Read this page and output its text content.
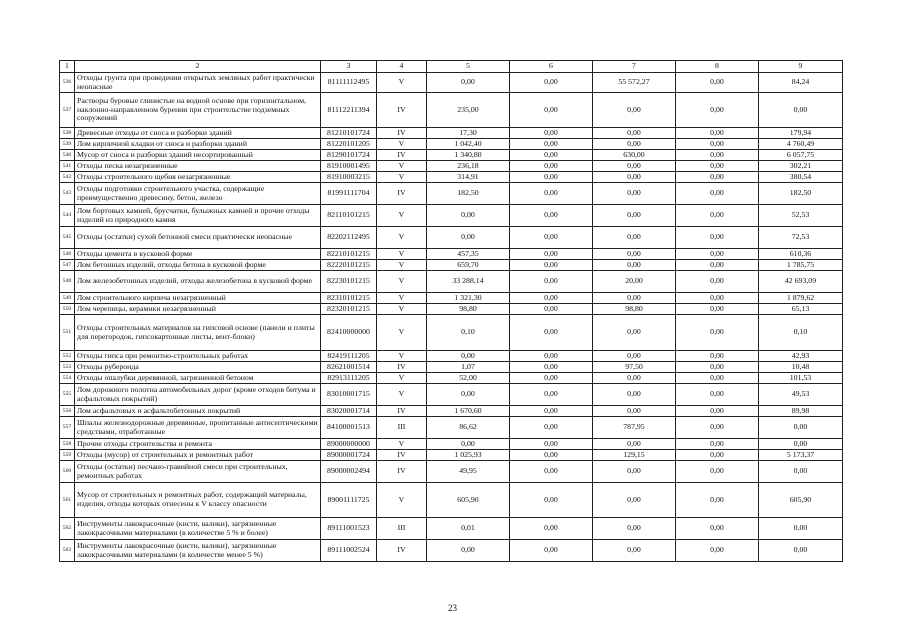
1	2	3	4	5	6	7	8	9
536	Отходы грунта при проведении открытых земляных работ практически неопасные	81111112495	V	0,00	0,00	55 572,27	0,00	84,24
537	Растворы буровые глинистые на водной основе при горизонтальном, наклонно-направленном бурении при строительстве подземных сооружений	81112211394	IV	235,00	0,00	0,00	0,00	0,00
538	Древесные отходы от сноса и разборки зданий	81210101724	IV	17,30	0,00	0,00	0,00	179,94
539	Лом кирпичной кладки от сноса и разборки зданий	81220101205	V	1 042,40	0,00	0,00	0,00	4 760,49
540	Мусор от сноса и разборки зданий несортированный	81290101724	IV	1 340,80	0,00	630,00	0,00	6 057,75
541	Отходы песка незагрязненные	81910001495	V	236,18	0,00	0,00	0,00	302,21
542	Отходы строительного щебня незагрязненные	81910003215	V	314,91	0,00	0,00	0,00	380,54
543	Отходы подготовки строительного участка, содержащие преимущественно древесину, бетон, железо	81991111704	IV	182,50	0,00	0,00	0,00	182,50
544	Лом бортовых камней, брусчатки, булыжных камней и прочие отходы изделий из природного камня	82110101215	V	0,00	0,00	0,00	0,00	52,53
545	Отходы (остатки) сухой бетонной смеси практически неопасные	82202112495	V	0,00	0,00	0,00	0,00	72,53
546	Отходы цемента в кусковой форме	82210101215	V	457,35	0,00	0,00	0,00	610,36
547	Лом бетонных изделий, отходы бетона в кусковой форме	82220101215	V	659,70	0,00	0,00	0,00	1 785,75
548	Лом железобетонных изделий, отходы железобетона в кусковой форме	82230101215	V	33 288,14	0,00	20,00	0,00	42 693,09
549	Лом строительного кирпича незагрязненный	82310101215	V	1 321,30	0,00	0,00	0,00	1 879,62
550	Лом черепицы, керамики незагрязненный	82320101215	V	98,80	0,00	98,80	0,00	65,13
551	Отходы строительных материалов на гипсовой основе (панели и плиты для перегородок, гипсокартонные листы, вент-блоки)	82410000000	V	0,10	0,00	0,00	0,00	0,10
552	Отходы гипса при ремонтно-строительных работах	82419111205	V	0,00	0,00	0,00	0,00	42,93
553	Отходы рубероида	82621001514	IV	1,07	0,00	97,50	0,00	10,48
554	Отходы опалубки деревянной, загрязненной бетоном	82913111205	V	52,00	0,00	0,00	0,00	101,53
555	Лом дорожного полотна автомобильных дорог (кроме отходов битума и асфальтовых покрытий)	83010001715	V	0,00	0,00	0,00	0,00	49,53
556	Лом асфальтовых и асфальтобетонных покрытий	83020001714	IV	1 670,60	0,00	0,00	0,00	89,98
557	Шпалы железнодорожные деревянные, пропитанные антисептическими средствами, отработанные	84100001513	III	86,62	0,00	787,95	0,00	0,00
558	Прочие отходы строительства и ремонта	89000000000	V	0,00	0,00	0,00	0,00	0,00
559	Отходы (мусор) от строительных и ремонтных работ	89000001724	IV	1 025,93	0,00	129,15	0,00	5 173,37
560	Отходы (остатки) песчано-гравийной смеси при строительных, ремонтных работах	89000002494	IV	49,95	0,00	0,00	0,00	0,00
561	Мусор от строительных и ремонтных работ, содержащий материалы, изделия, отходы которых отнесены к V классу опасности	89001111725	V	605,90	0,00	0,00	0,00	605,90
562	Инструменты лакокрасочные (кисти, валики), загрязненные лакокрасочными материалами (в количестве 5 % и более)	89111001523	III	0,01	0,00	0,00	0,00	0,00
563	Инструменты лакокрасочные (кисти, валики), загрязненные лакокрасочными материалами (в количестве менее 5 %)	89111002524	IV	0,00	0,00	0,00	0,00	0,00
23
